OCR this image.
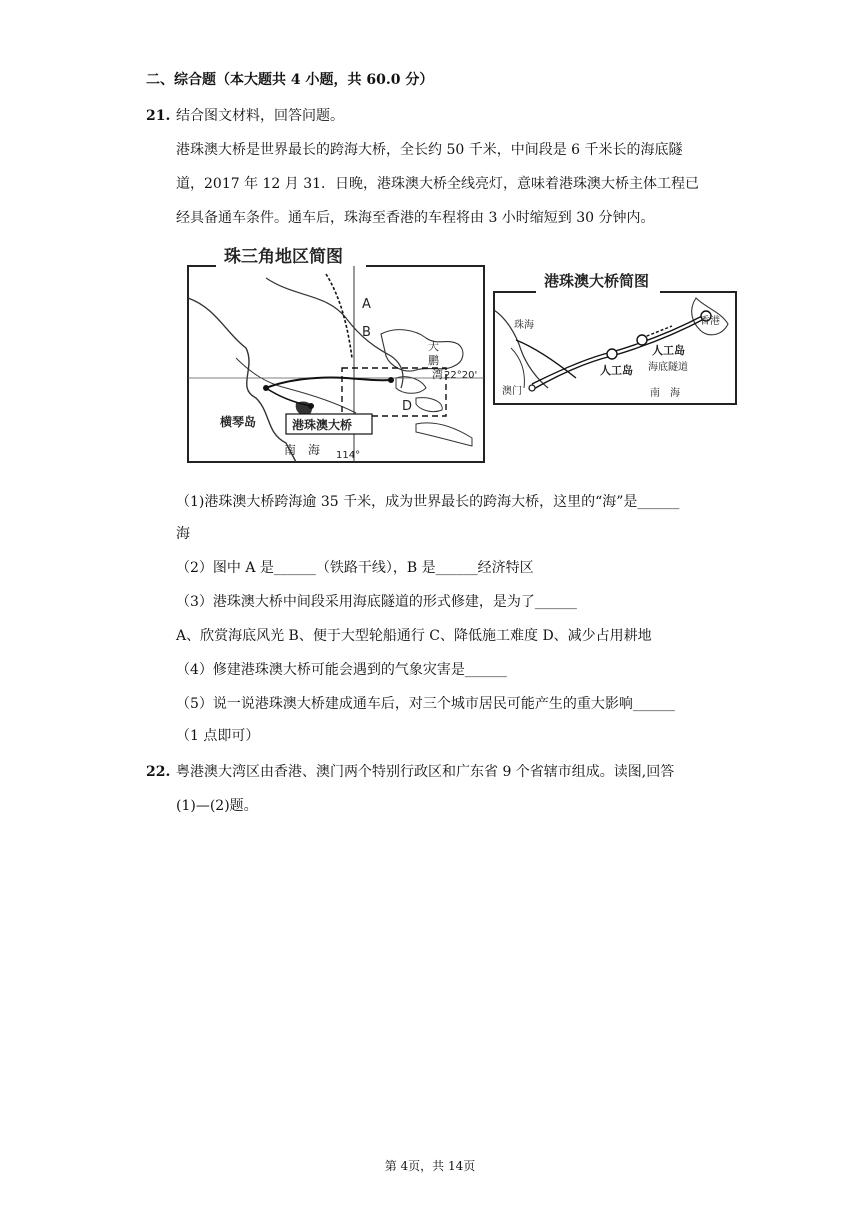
二、综合题（本大题共 4 小题，共 60.0 分）
21. 结合图文材料，回答问题。
港珠澳大桥是世界最长的跨海大桥，全长约 50 千米，中间段是 6 千米长的海底隧
道，2017 年 12 月 31．日晚，港珠澳大桥全线亮灯，意味着港珠澳大桥主体工程已
经具备通车条件。通车后，珠海至香港的车程将由 3 小时缩短到 30 分钟内。
珠三角地区简图
A
B
D
大
鹏
湾 22°20'
横琴岛	港珠澳大桥
南　海 114°
港珠澳大桥简图
珠海	香港
澳门
人工岛
人工岛 海底隧道
南　海
（1)港珠澳大桥跨海逾 35 千米，成为世界最长的跨海大桥，这里的“海”是______
海
（2）图中 A 是______（铁路干线），B 是______经济特区
（3）港珠澳大桥中间段采用海底隧道的形式修建，是为了______
A、欣赏海底风光 B、便于大型轮船通行 C、降低施工难度 D、减少占用耕地
（4）修建港珠澳大桥可能会遇到的气象灾害是______
（5）说一说港珠澳大桥建成通车后，对三个城市居民可能产生的重大影响______
（1 点即可）
22. 粤港澳大湾区由香港、澳门两个特别行政区和广东省 9 个省辖市组成。读图,回答
(1)—(2)题。
第 4页，共 14页
